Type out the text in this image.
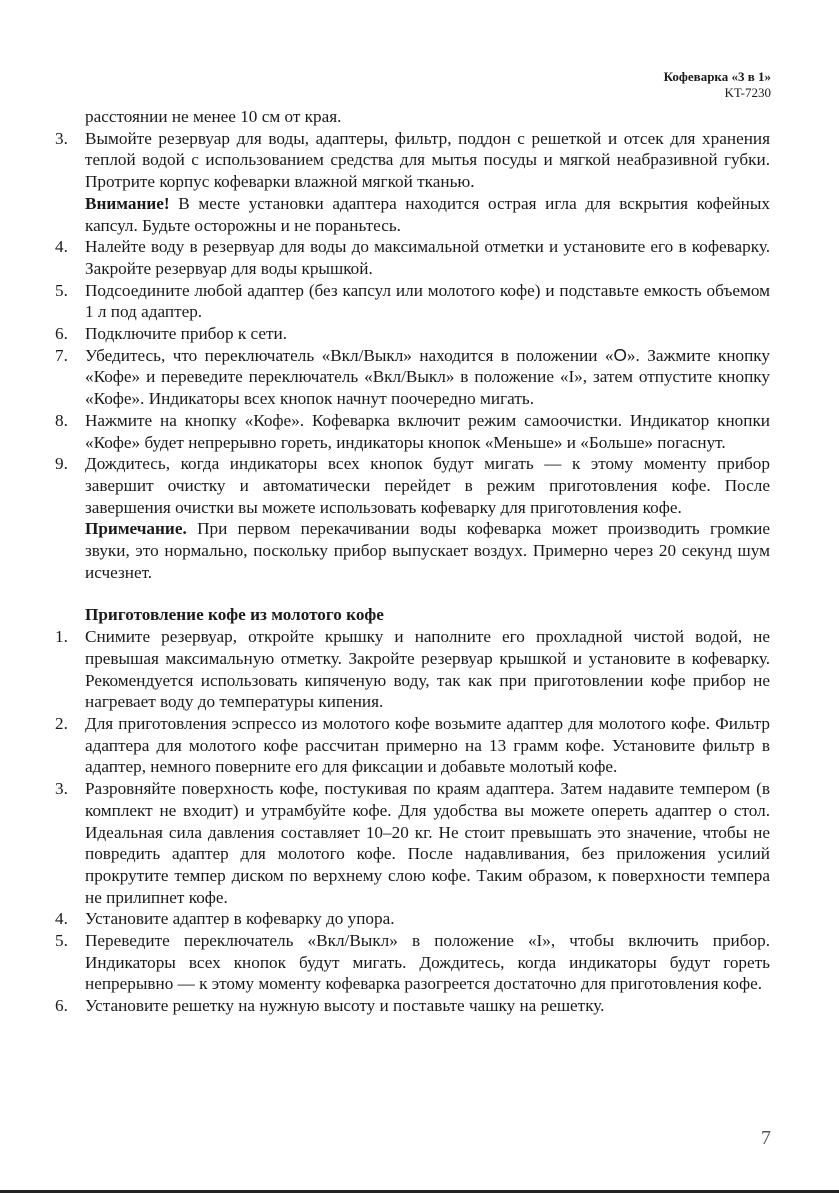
Кофеварка «3 в 1»
KT-7230
расстоянии не менее 10 см от края.
3. Вымойте резервуар для воды, адаптеры, фильтр, поддон с решеткой и отсек для хранения теплой водой с использованием средства для мытья посуды и мягкой неабразивной губки. Протрите корпус кофеварки влажной мягкой тканью.
Внимание! В месте установки адаптера находится острая игла для вскрытия кофейных капсул. Будьте осторожны и не пораньтесь.
4. Налейте воду в резервуар для воды до максимальной отметки и установите его в кофеварку. Закройте резервуар для воды крышкой.
5. Подсоедините любой адаптер (без капсул или молотого кофе) и подставьте емкость объемом 1 л под адаптер.
6. Подключите прибор к сети.
7. Убедитесь, что переключатель «Вкл/Выкл» находится в положении «О». Зажмите кнопку «Кофе» и переведите переключатель «Вкл/Выкл» в положение «I», затем отпустите кнопку «Кофе». Индикаторы всех кнопок начнут поочередно мигать.
8. Нажмите на кнопку «Кофе». Кофеварка включит режим самоочистки. Индикатор кнопки «Кофе» будет непрерывно гореть, индикаторы кнопок «Меньше» и «Больше» погаснут.
9. Дождитесь, когда индикаторы всех кнопок будут мигать — к этому моменту прибор завершит очистку и автоматически перейдет в режим приготовления кофе. После завершения очистки вы можете использовать кофеварку для приготовления кофе.
Примечание. При первом перекачивании воды кофеварка может производить громкие звуки, это нормально, поскольку прибор выпускает воздух. Примерно через 20 секунд шум исчезнет.
Приготовление кофе из молотого кофе
1. Снимите резервуар, откройте крышку и наполните его прохладной чистой водой, не превышая максимальную отметку. Закройте резервуар крышкой и установите в кофеварку. Рекомендуется использовать кипяченую воду, так как при приготовлении кофе прибор не нагревает воду до температуры кипения.
2. Для приготовления эспрессо из молотого кофе возьмите адаптер для молотого кофе. Фильтр адаптера для молотого кофе рассчитан примерно на 13 грамм кофе. Установите фильтр в адаптер, немного поверните его для фиксации и добавьте молотый кофе.
3. Разровняйте поверхность кофе, постукивая по краям адаптера. Затем надавите темпером (в комплект не входит) и утрамбуйте кофе. Для удобства вы можете опереть адаптер о стол. Идеальная сила давления составляет 10–20 кг. Не стоит превышать это значение, чтобы не повредить адаптер для молотого кофе. После надавливания, без приложения усилий прокрутите темпер диском по верхнему слою кофе. Таким образом, к поверхности темпера не прилипнет кофе.
4. Установите адаптер в кофеварку до упора.
5. Переведите переключатель «Вкл/Выкл» в положение «I», чтобы включить прибор. Индикаторы всех кнопок будут мигать. Дождитесь, когда индикаторы будут гореть непрерывно — к этому моменту кофеварка разогреется достаточно для приготовления кофе.
6. Установите решетку на нужную высоту и поставьте чашку на решетку.
7
